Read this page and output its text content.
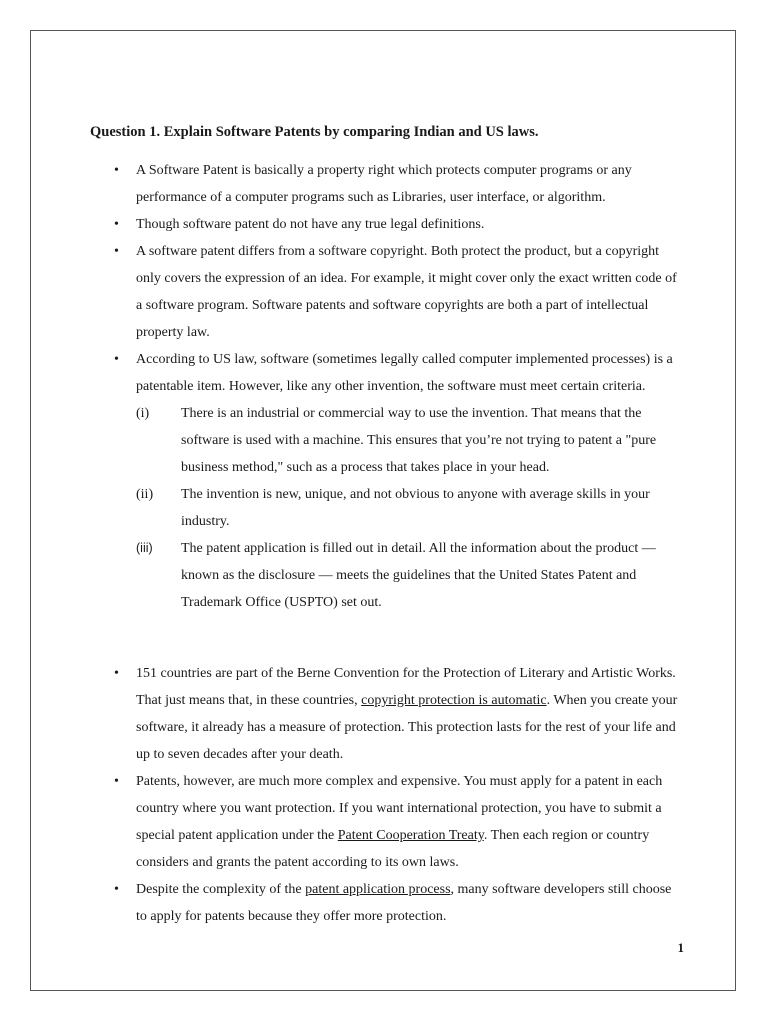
Question 1. Explain Software Patents by comparing Indian and US laws.
• A Software Patent is basically a property right which protects computer programs or any performance of a computer programs such as Libraries, user interface, or algorithm.
• Though software patent do not have any true legal definitions.
• A software patent differs from a software copyright. Both protect the product, but a copyright only covers the expression of an idea. For example, it might cover only the exact written code of a software program. Software patents and software copyrights are both a part of intellectual property law.
• According to US law, software (sometimes legally called computer implemented processes) is a patentable item. However, like any other invention, the software must meet certain criteria.
(i) There is an industrial or commercial way to use the invention. That means that the software is used with a machine. This ensures that you’re not trying to patent a "pure business method," such as a process that takes place in your head.
(ii) The invention is new, unique, and not obvious to anyone with average skills in your industry.
(iii) The patent application is filled out in detail. All the information about the product — known as the disclosure — meets the guidelines that the United States Patent and Trademark Office (USPTO) set out.
• 151 countries are part of the Berne Convention for the Protection of Literary and Artistic Works. That just means that, in these countries, copyright protection is automatic. When you create your software, it already has a measure of protection. This protection lasts for the rest of your life and up to seven decades after your death.
• Patents, however, are much more complex and expensive. You must apply for a patent in each country where you want protection. If you want international protection, you have to submit a special patent application under the Patent Cooperation Treaty. Then each region or country considers and grants the patent according to its own laws.
• Despite the complexity of the patent application process, many software developers still choose to apply for patents because they offer more protection.
1
